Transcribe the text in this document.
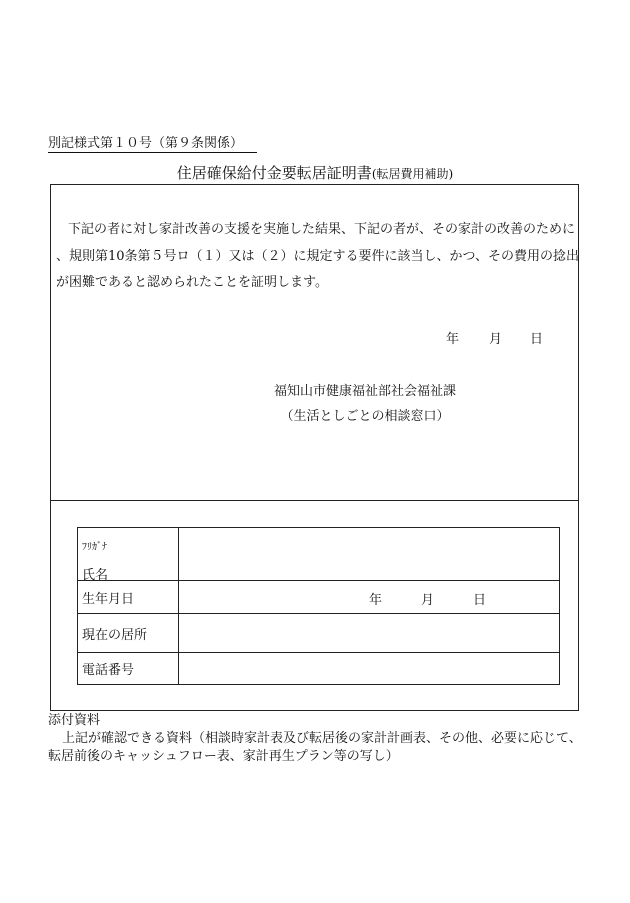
別記様式第１０号（第９条関係）
住居確保給付金要転居証明書(転居費用補助)
下記の者に対し家計改善の支援を実施した結果、下記の者が、その家計の改善のために
、規則第10条第５号ロ（１）又は（２）に規定する要件に該当し、かつ、その費用の捻出
が困難であると認められたことを証明します。
年 月 日
福知山市健康福祉部社会福祉課
（生活としごとの相談窓口）
ﾌﾘｶﾞﾅ
氏名	

生年月日	年 月 日

現在の居所	
電話番号	
添付資料
上記が確認できる資料（相談時家計表及び転居後の家計計画表、その他、必要に応じて、
転居前後のキャッシュフロー表、家計再生プラン等の写し）
